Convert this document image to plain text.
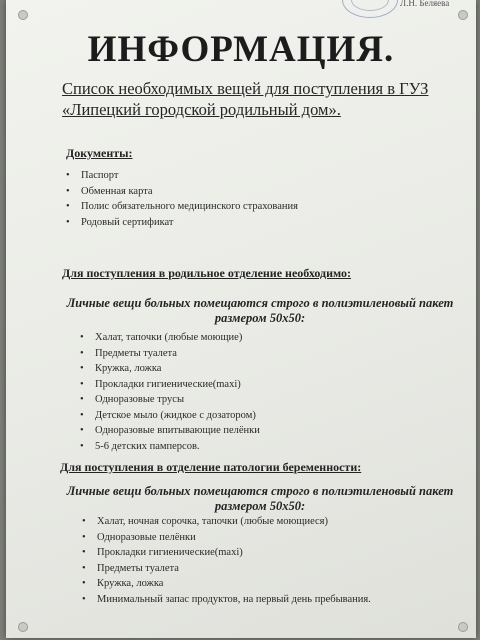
Л.Н. Беляева
ИНФОРМАЦИЯ.
Список необходимых вещей для поступления в ГУЗ «Липецкий городской родильный дом».
Документы:
• Паспорт
• Обменная карта
• Полис обязательного медицинского страхования
• Родовый сертификат
Для поступления в родильное отделение необходимо:
Личные вещи больных помещаются строго в полиэтиленовый пакет размером 50х50:
• Халат, тапочки (любые моющие)
• Предметы туалета
• Кружка, ложка
• Прокладки гигиенические(maxi)
• Одноразовые трусы
• Детское мыло (жидкое с дозатором)
• Одноразовые впитывающие пелёнки
• 5-6 детских памперсов.
Для поступления в отделение патологии беременности:
Личные вещи больных помещаются строго в полиэтиленовый пакет размером 50х50:
• Халат, ночная сорочка, тапочки (любые моющиеся)
• Одноразовые пелёнки
• Прокладки гигиенические(maxi)
• Предметы туалета
• Кружка, ложка
• Минимальный запас продуктов, на первый день пребывания.
